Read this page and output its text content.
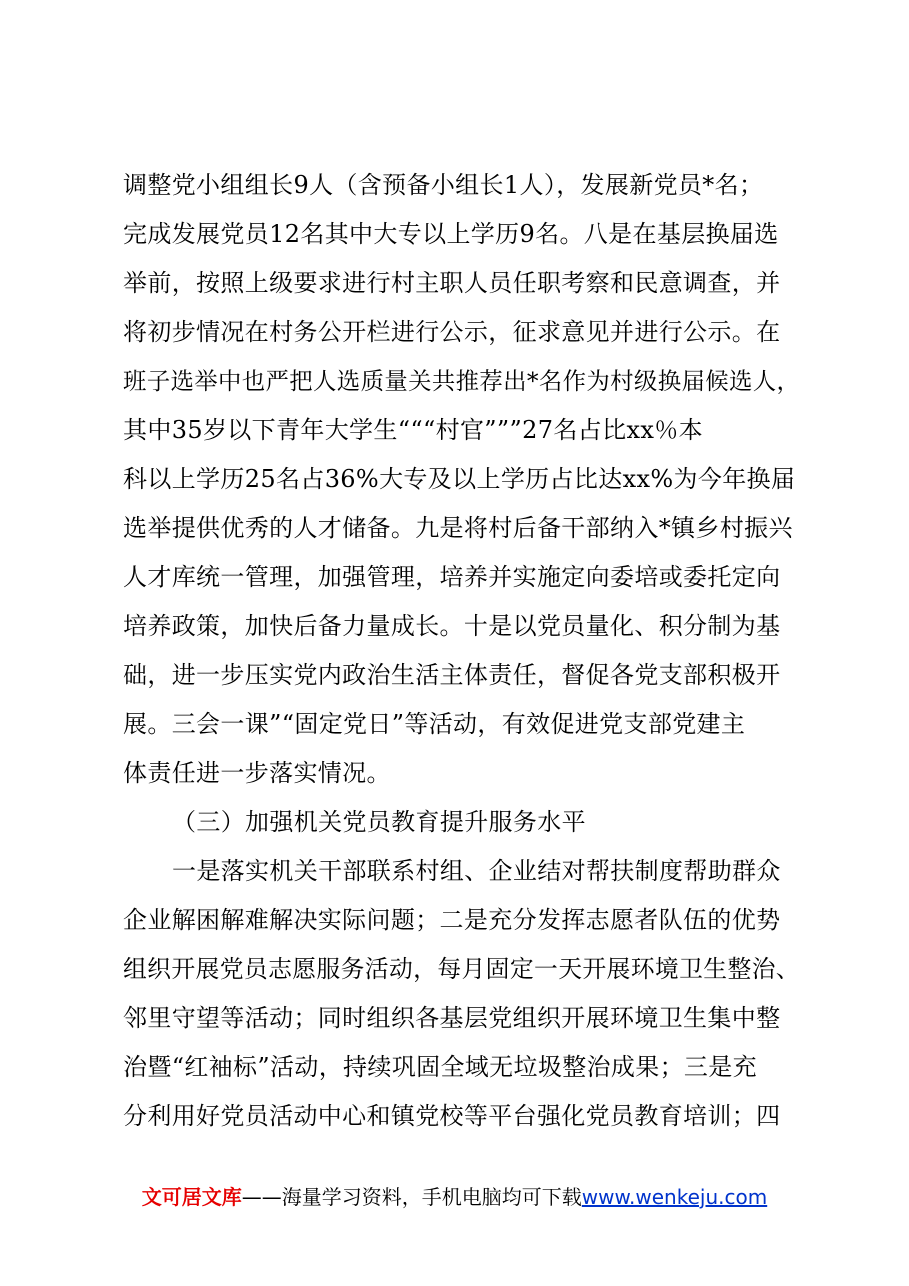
调整党小组组长9人（含预备小组长1人），发展新党员*名；
完成发展党员12名其中大专以上学历9名。八是在基层换届选
举前，按照上级要求进行村主职人员任职考察和民意调查，并
将初步情况在村务公开栏进行公示，征求意见并进行公示。在
班子选举中也严把人选质量关共推荐出*名作为村级换届候选人，
其中35岁以下青年大学生“““村官”””27名占比xx％本
科以上学历25名占36%大专及以上学历占比达xx%为今年换届
选举提供优秀的人才储备。九是将村后备干部纳入*镇乡村振兴
人才库统一管理，加强管理，培养并实施定向委培或委托定向
培养政策，加快后备力量成长。十是以党员量化、积分制为基
础，进一步压实党内政治生活主体责任，督促各党支部积极开
展。三会一课”“固定党日”等活动，有效促进党支部党建主
体责任进一步落实情况。
（三）加强机关党员教育提升服务水平
一是落实机关干部联系村组、企业结对帮扶制度帮助群众
企业解困解难解决实际问题；二是充分发挥志愿者队伍的优势
组织开展党员志愿服务活动，每月固定一天开展环境卫生整治、
邻里守望等活动；同时组织各基层党组织开展环境卫生集中整
治暨“红袖标”活动，持续巩固全域无垃圾整治成果；三是充
分利用好党员活动中心和镇党校等平台强化党员教育培训；四
文可居文库——海量学习资料，手机电脑均可下载www.wenkeju.com
